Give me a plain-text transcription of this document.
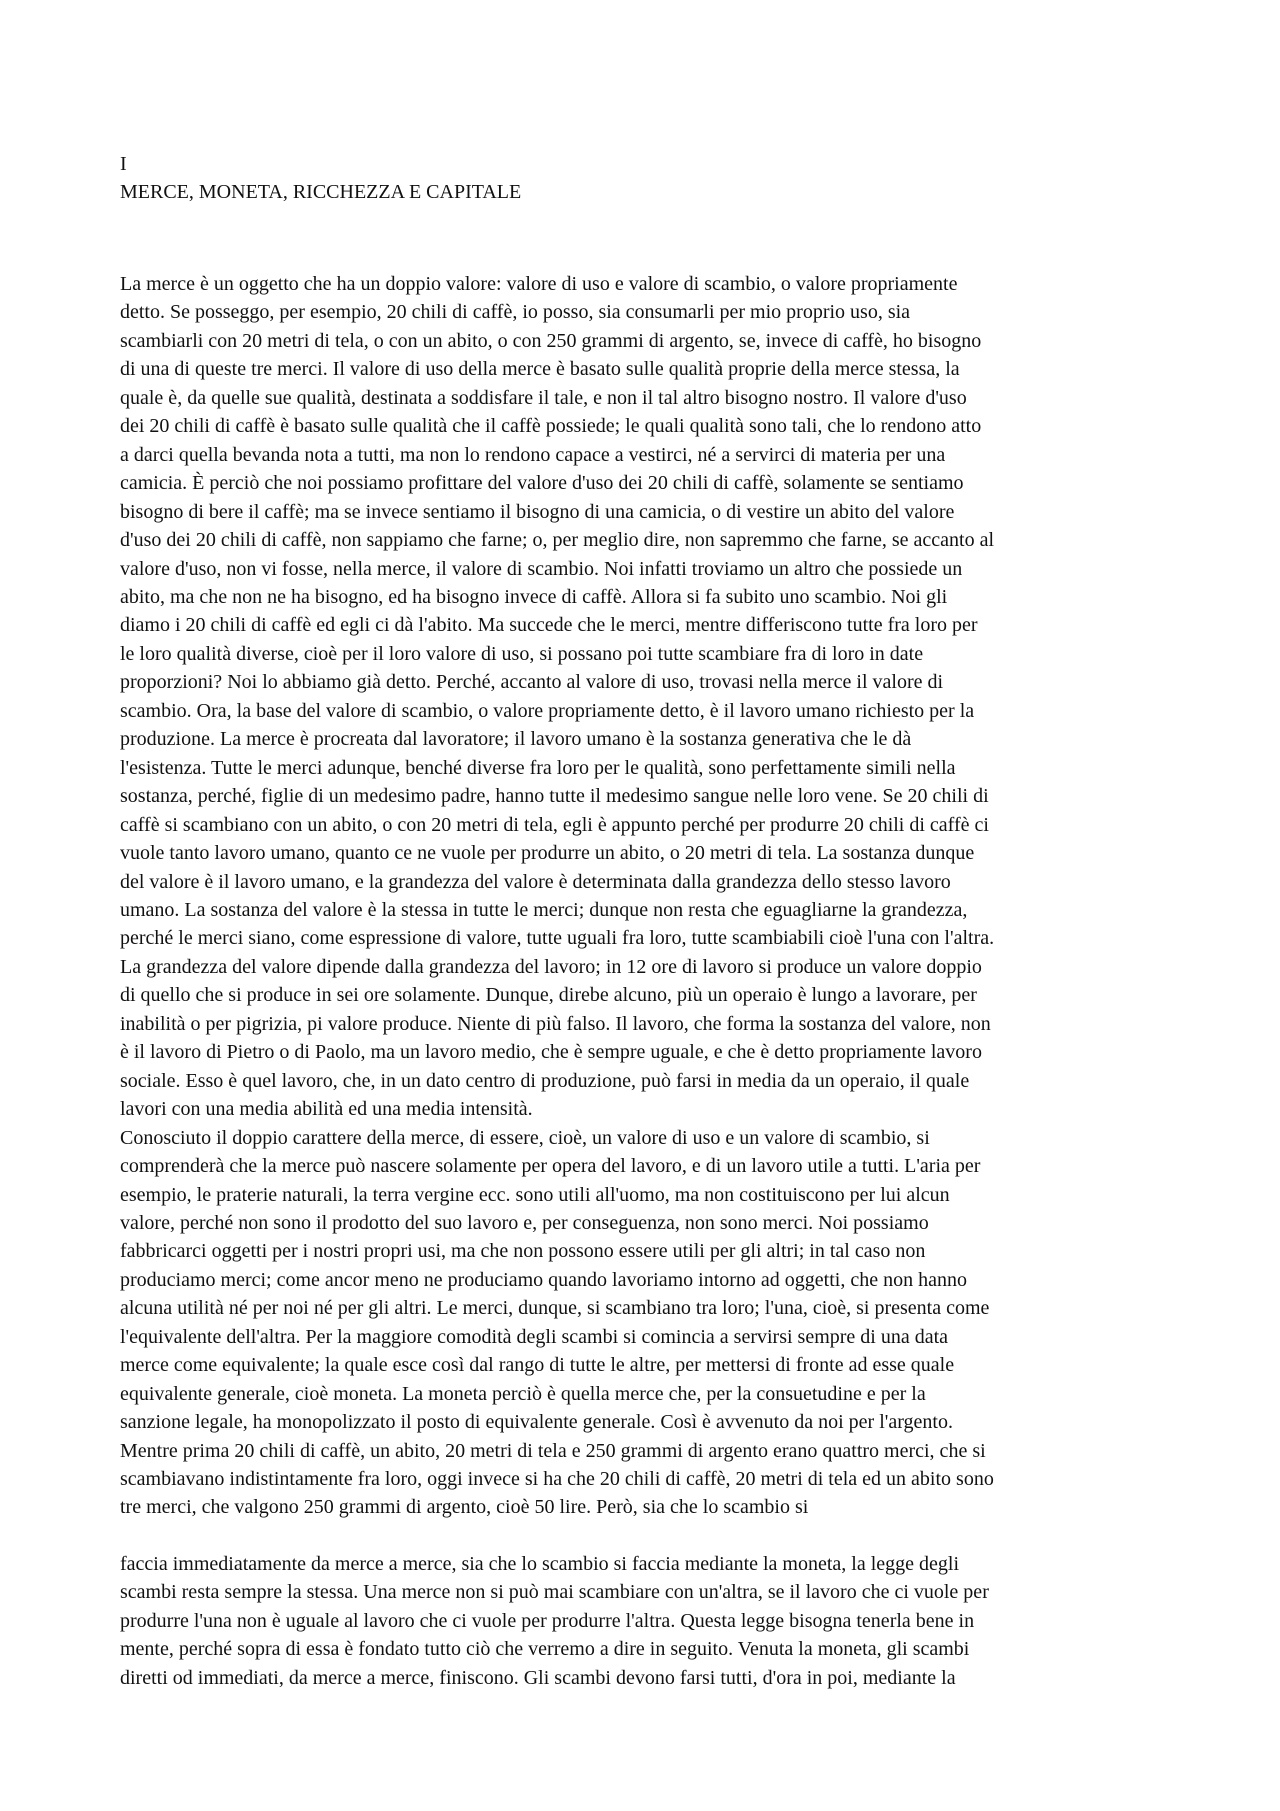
I

MERCE, MONETA, RICCHEZZA E CAPITALE

La merce è un oggetto che ha un doppio valore: valore di uso e valore di scambio, o valore propriamente
detto. Se posseggo, per esempio, 20 chili di caffè, io posso, sia consumarli per mio proprio uso, sia
scambiarli con 20 metri di tela, o con un abito, o con 250 grammi di argento, se, invece di caffè, ho bisogno
di una di queste tre merci. Il valore di uso della merce è basato sulle qualità proprie della merce stessa, la
quale è, da quelle sue qualità, destinata a soddisfare il tale, e non il tal altro bisogno nostro. Il valore d'uso
dei 20 chili di caffè è basato sulle qualità che il caffè possiede; le quali qualità sono tali, che lo rendono atto
a darci quella bevanda nota a tutti, ma non lo rendono capace a vestirci, né a servirci di materia per una
camicia. È perciò che noi possiamo profittare del valore d'uso dei 20 chili di caffè, solamente se sentiamo
bisogno di bere il caffè; ma se invece sentiamo il bisogno di una camicia, o di vestire un abito del valore
d'uso dei 20 chili di caffè, non sappiamo che farne; o, per meglio dire, non sapremmo che farne, se accanto al
valore d'uso, non vi fosse, nella merce, il valore di scambio. Noi infatti troviamo un altro che possiede un
abito, ma che non ne ha bisogno, ed ha bisogno invece di caffè. Allora si fa subito uno scambio. Noi gli
diamo i 20 chili di caffè ed egli ci dà l'abito. Ma succede che le merci, mentre differiscono tutte fra loro per
le loro qualità diverse, cioè per il loro valore di uso, si possano poi tutte scambiare fra di loro in date
proporzioni? Noi lo abbiamo già detto. Perché, accanto al valore di uso, trovasi nella merce il valore di
scambio. Ora, la base del valore di scambio, o valore propriamente detto, è il lavoro umano richiesto per la
produzione. La merce è procreata dal lavoratore; il lavoro umano è la sostanza generativa che le dà
l'esistenza. Tutte le merci adunque, benché diverse fra loro per le qualità, sono perfettamente simili nella
sostanza, perché, figlie di un medesimo padre, hanno tutte il medesimo sangue nelle loro vene. Se 20 chili di
caffè si scambiano con un abito, o con 20 metri di tela, egli è appunto perché per produrre 20 chili di caffè ci
vuole tanto lavoro umano, quanto ce ne vuole per produrre un abito, o 20 metri di tela. La sostanza dunque
del valore è il lavoro umano, e la grandezza del valore è determinata dalla grandezza dello stesso lavoro
umano. La sostanza del valore è la stessa in tutte le merci; dunque non resta che eguagliarne la grandezza,
perché le merci siano, come espressione di valore, tutte uguali fra loro, tutte scambiabili cioè l'una con l'altra.
La grandezza del valore dipende dalla grandezza del lavoro; in 12 ore di lavoro si produce un valore doppio
di quello che si produce in sei ore solamente. Dunque, direbe alcuno, più un operaio è lungo a lavorare, per
inabilità o per pigrizia, pi valore produce. Niente di più falso. Il lavoro, che forma la sostanza del valore, non
è il lavoro di Pietro o di Paolo, ma un lavoro medio, che è sempre uguale, e che è detto propriamente lavoro
sociale. Esso è quel lavoro, che, in un dato centro di produzione, può farsi in media da un operaio, il quale
lavori con una media abilità ed una media intensità.
Conosciuto il doppio carattere della merce, di essere, cioè, un valore di uso e un valore di scambio, si
comprenderà che la merce può nascere solamente per opera del lavoro, e di un lavoro utile a tutti. L'aria per
esempio, le praterie naturali, la terra vergine ecc. sono utili all'uomo, ma non costituiscono per lui alcun
valore, perché non sono il prodotto del suo lavoro e, per conseguenza, non sono merci. Noi possiamo
fabbricarci oggetti per i nostri propri usi, ma che non possono essere utili per gli altri; in tal caso non
produciamo merci; come ancor meno ne produciamo quando lavoriamo intorno ad oggetti, che non hanno
alcuna utilità né per noi né per gli altri. Le merci, dunque, si scambiano tra loro; l'una, cioè, si presenta come
l'equivalente dell'altra. Per la maggiore comodità degli scambi si comincia a servirsi sempre di una data
merce come equivalente; la quale esce così dal rango di tutte le altre, per mettersi di fronte ad esse quale
equivalente generale, cioè moneta. La moneta perciò è quella merce che, per la consuetudine e per la
sanzione legale, ha monopolizzato il posto di equivalente generale. Così è avvenuto da noi per l'argento.
Mentre prima 20 chili di caffè, un abito, 20 metri di tela e 250 grammi di argento erano quattro merci, che si
scambiavano indistintamente fra loro, oggi invece si ha che 20 chili di caffè, 20 metri di tela ed un abito sono
tre merci, che valgono 250 grammi di argento, cioè 50 lire. Però, sia che lo scambio si
faccia immediatamente da merce a merce, sia che lo scambio si faccia mediante la moneta, la legge degli
scambi resta sempre la stessa. Una merce non si può mai scambiare con un'altra, se il lavoro che ci vuole per
produrre l'una non è uguale al lavoro che ci vuole per produrre l'altra. Questa legge bisogna tenerla bene in
mente, perché sopra di essa è fondato tutto ciò che verremo a dire in seguito. Venuta la moneta, gli scambi
diretti od immediati, da merce a merce, finiscono. Gli scambi devono farsi tutti, d'ora in poi, mediante la
